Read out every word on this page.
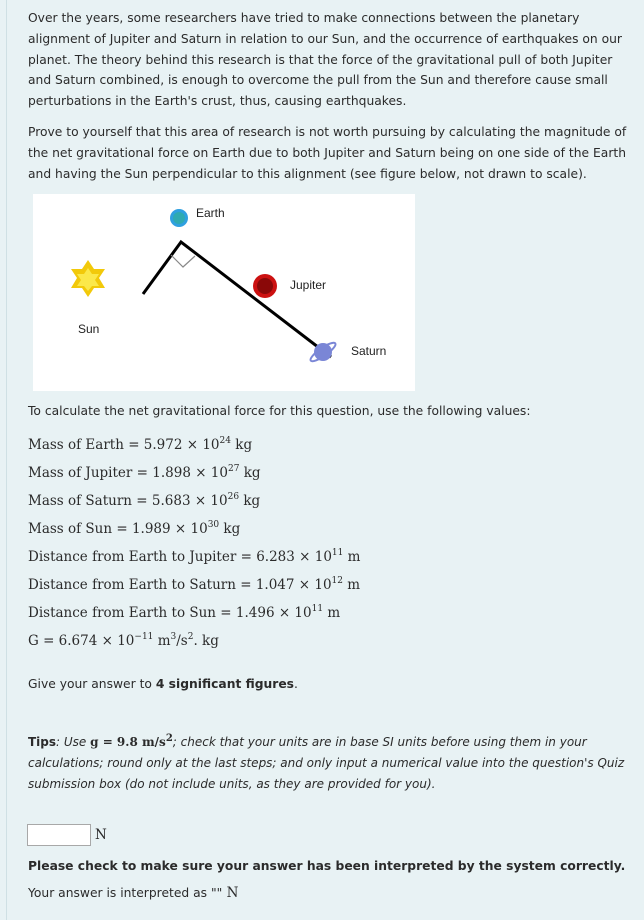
Over the years, some researchers have tried to make connections between the planetary alignment of Jupiter and Saturn in relation to our Sun, and the occurrence of earthquakes on our planet. The theory behind this research is that the force of the gravitational pull of both Jupiter and Saturn combined, is enough to overcome the pull from the Sun and therefore cause small perturbations in the Earth's crust, thus, causing earthquakes.

Prove to yourself that this area of research is not worth pursuing by calculating the magnitude of the net gravitational force on Earth due to both Jupiter and Saturn being on one side of the Earth and having the Sun perpendicular to this alignment (see figure below, not drawn to scale).

Earth
Jupiter
Saturn
Sun

To calculate the net gravitational force for this question, use the following values:

Mass of Earth = $5.972 \times 10^{24}$ kg
Mass of Jupiter = $1.898 \times 10^{27}$ kg
Mass of Saturn = $5.683 \times 10^{26}$ kg
Mass of Sun = $1.989 \times 10^{30}$ kg
Distance from Earth to Jupiter = $6.283 \times 10^{11}$ m
Distance from Earth to Saturn = $1.047 \times 10^{12}$ m
Distance from Earth to Sun = $1.496 \times 10^{11}$ m
$G = 6.674 \times 10^{-11}$ $m^3/s^2$. kg

Give your answer to 4 significant figures.

Tips: Use g = 9.8 $m/s^2$; check that your units are in base SI units before using them in your calculations; round only at the last steps; and only input a numerical value into the question's Quiz submission box (do not include units, as they are provided for you).

N

Please check to make sure your answer has been interpreted by the system correctly.

Your answer is interpreted as "" N
